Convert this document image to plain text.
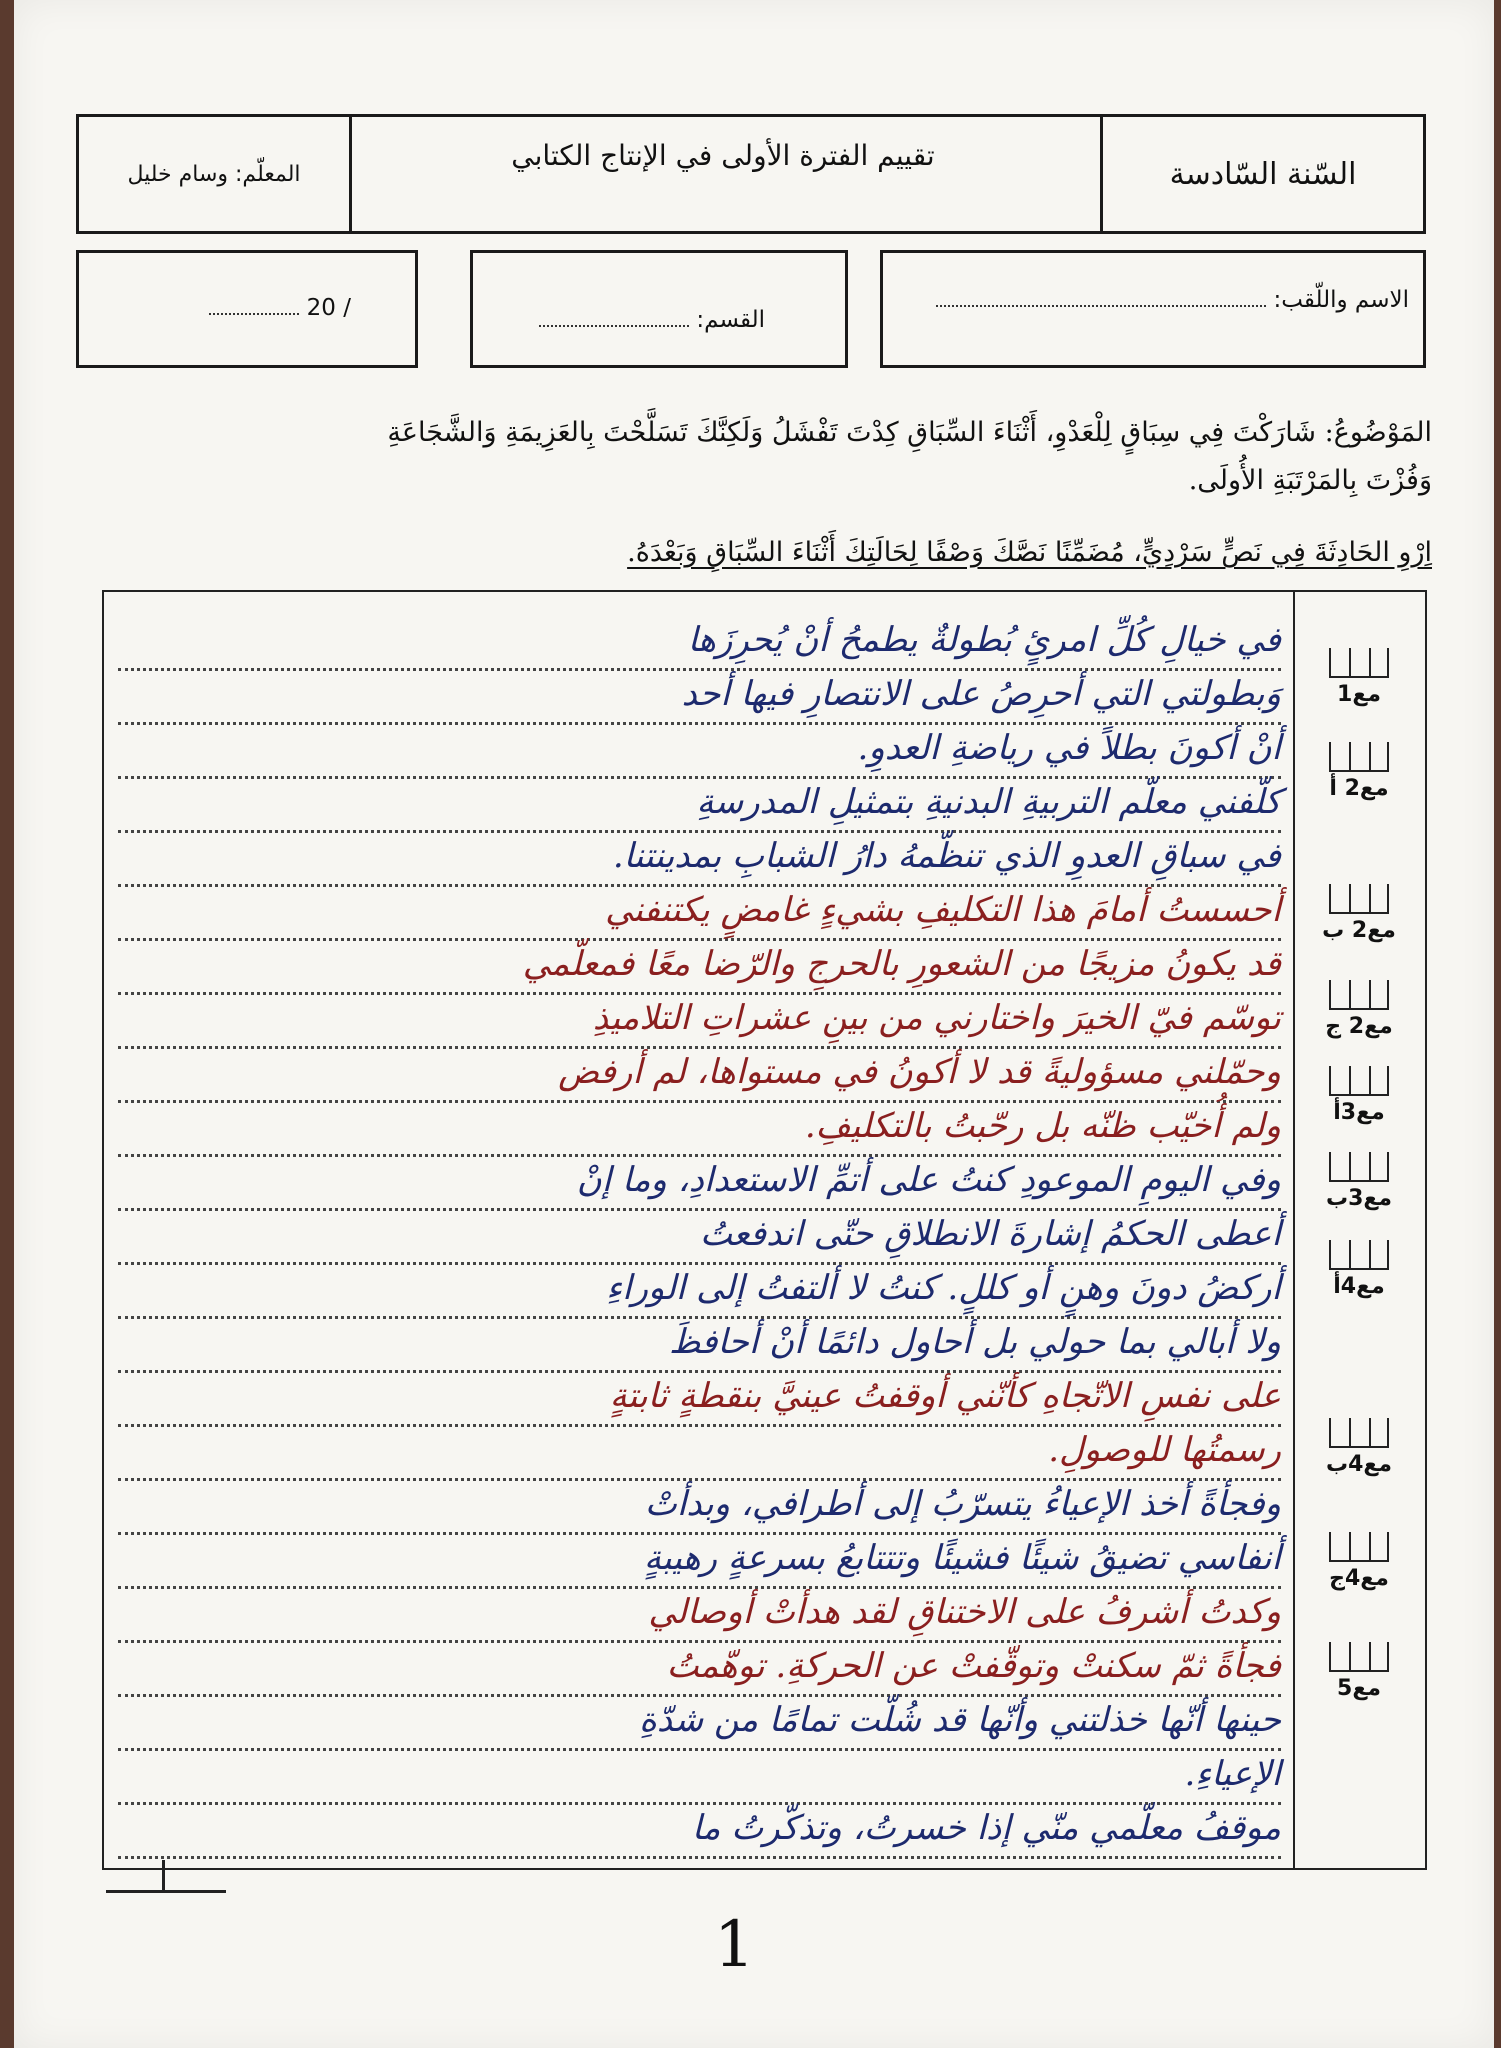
السّنة السّادسة
تقييم الفترة الأولى في الإنتاج الكتابي
المعلّم: وسام خليل
الاسم واللّقب:
القسم:
/ 20
المَوْضُوعُ: شَارَكْتَ فِي سِبَاقٍ لِلْعَدْوِ، أَثْنَاءَ السِّبَاقِ كِدْتَ تَفْشَلُ وَلَكِنَّكَ تَسَلَّحْتَ بِالعَزِيمَةِ وَالشَّجَاعَةِ
وَفُزْتَ بِالمَرْتَبَةِ الأُولَى.
اِرْوِ الحَادِثَةَ فِي نَصٍّ سَرْدِيٍّ، مُضَمِّنًا نَصَّكَ وَصْفًا لِحَالَتِكَ أَثْنَاءَ السِّبَاقِ وَبَعْدَهُ.
في خيالِ كُلِّ امرئٍ بُطولةٌ يطمحُ أنْ يُحرِزَها
وَبطولتي التي أحرِصُ على الانتصارِ فيها أحد
أنْ أكونَ بطلاً في رياضةِ العدوِ.
كلّفني معلّم التربيةِ البدنيةِ بتمثيلِ المدرسةِ
في سباقِ العدوِ الذي تنظّمهُ دارُ الشبابِ بمدينتنا.
أحسستُ أمامَ هذا التكليفِ بشيءٍ غامضٍ يكتنفني
قد يكونُ مزيجًا من الشعورِ بالحرجِ والرّضا معًا فمعلّمي
توسّم فيّ الخيرَ واختارني من بينِ عشراتِ التلاميذِ
وحمّلني مسؤوليةً قد لا أكونُ في مستواها، لم أرفض
ولم أُخيّب ظنّه بل رحّبتُ بالتكليفِ.
وفي اليومِ الموعودِ كنتُ على أتمِّ الاستعدادِ، وما إنْ
أعطى الحكمُ إشارةَ الانطلاقِ حتّى اندفعتُ
أركضُ دونَ وهنٍ أو كللٍ. كنتُ لا ألتفتُ إلى الوراءِ
ولا أبالي بما حولي بل أحاول دائمًا أنْ أحافظَ
على نفسِ الاتّجاهِ كأنّني أوقفتُ عينيَّ بنقطةٍ ثابتةٍ
رسمتُها للوصولِ.
وفجأةً أخذ الإعياءُ يتسرّبُ إلى أطرافي، وبدأتْ
أنفاسي تضيقُ شيئًا فشيئًا وتتتابعُ بسرعةٍ رهيبةٍ
وكدتُ أشرفُ على الاختناقِ لقد هدأتْ أوصالي
فجأةً ثمّ سكنتْ وتوقّفتْ عن الحركةِ. توهّمتُ
حينها أنّها خذلتني وأنّها قد شُلّت تمامًا من شدّةِ
الإعياءِ.
موقفُ معلّمي منّي إذا خسرتُ، وتذكّرتُ ما
مع1
مع2 أ
مع2 ب
مع2 ج
مع3أ
مع3ب
مع4أ
مع4ب
مع4ج
مع5
1
